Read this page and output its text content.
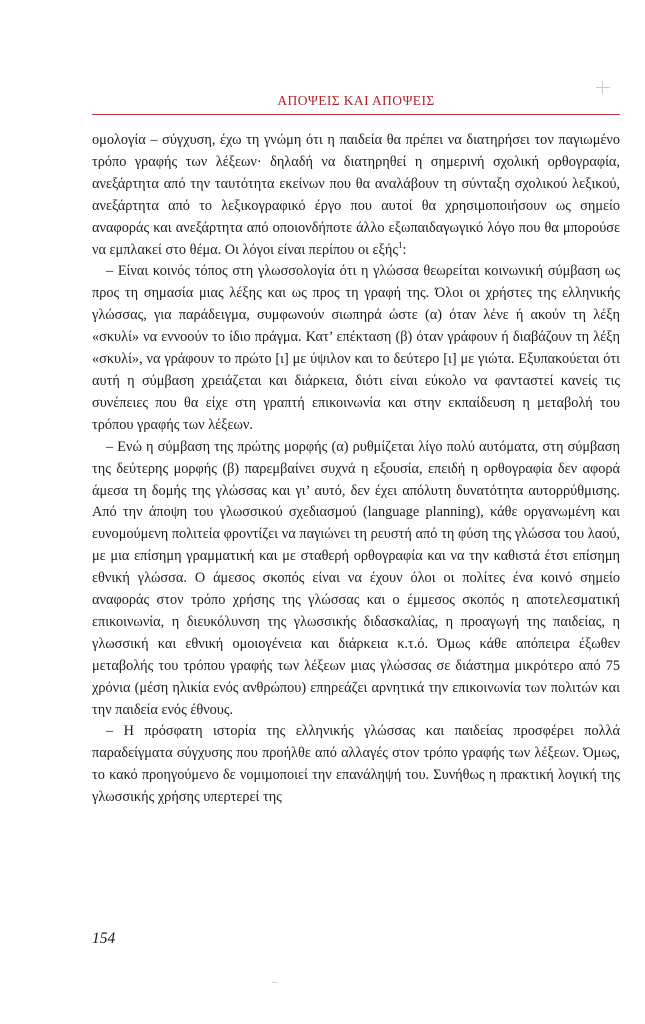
ΑΠΟΨΕΙΣ ΚΑΙ ΑΠΟΨΕΙΣ

ομολογία – σύγχυση, έχω τη γνώμη ότι η παιδεία θα πρέπει να διατηρήσει τον παγιωμένο τρόπο γραφής των λέξεων· δηλαδή να διατηρηθεί η σημερινή σχολική ορθογραφία, ανεξάρτητα από την ταυτότητα εκείνων που θα αναλάβουν τη σύνταξη σχολικού λεξικού, ανεξάρτητα από το λεξικογραφικό έργο που αυτοί θα χρησιμοποιήσουν ως σημείο αναφοράς και ανεξάρτητα από οποιονδήποτε άλλο εξωπαιδαγωγικό λόγο που θα μπορούσε να εμπλακεί στο θέμα. Οι λόγοι είναι περίπου οι εξής$^1$:

– Είναι κοινός τόπος στη γλωσσολογία ότι η γλώσσα θεωρείται κοινωνική σύμβαση ως προς τη σημασία μιας λέξης και ως προς τη γραφή της. Όλοι οι χρήστες της ελληνικής γλώσσας, για παράδειγμα, συμφωνούν σιωπηρά ώστε (α) όταν λένε ή ακούν τη λέξη «σκυλί» να εννοούν το ίδιο πράγμα. Κατ’ επέκταση (β) όταν γράφουν ή διαβάζουν τη λέξη «σκυλί», να γράφουν το πρώτο [ι] με ύψιλον και το δεύτερο [ι] με γιώτα. Εξυπακούεται ότι αυτή η σύμβαση χρειάζεται και διάρκεια, διότι είναι εύκολο να φανταστεί κανείς τις συνέπειες που θα είχε στη γραπτή επικοινωνία και στην εκπαίδευση η μεταβολή του τρόπου γραφής των λέξεων.

– Ενώ η σύμβαση της πρώτης μορφής (α) ρυθμίζεται λίγο πολύ αυτόματα, στη σύμβαση της δεύτερης μορφής (β) παρεμβαίνει συχνά η εξουσία, επειδή η ορθογραφία δεν αφορά άμεσα τη δομής της γλώσσας και γι’ αυτό, δεν έχει απόλυτη δυνατότητα αυτορρύθμισης. Από την άποψη του γλωσσικού σχεδιασμού (language planning), κάθε οργανωμένη και ευνομούμενη πολιτεία φροντίζει να παγιώνει τη ρευστή από τη φύση της γλώσσα του λαού, με μια επίσημη γραμματική και με σταθερή ορθογραφία και να την καθιστά έτσι επίσημη εθνική γλώσσα. Ο άμεσος σκοπός είναι να έχουν όλοι οι πολίτες ένα κοινό σημείο αναφοράς στον τρόπο χρήσης της γλώσσας και ο έμμεσος σκοπός η αποτελεσματική επικοινωνία, η διευκόλυνση της γλωσσικής διδασκαλίας, η προαγωγή της παιδείας, η γλωσσική και εθνική ομοιογένεια και διάρκεια κ.τ.ό. Όμως κάθε απόπειρα έξωθεν μεταβολής του τρόπου γραφής των λέξεων μιας γλώσσας σε διάστημα μικρότερο από 75 χρόνια (μέση ηλικία ενός ανθρώπου) επηρεάζει αρνητικά την επικοινωνία των πολιτών και την παιδεία ενός έθνους.

– Η πρόσφατη ιστορία της ελληνικής γλώσσας και παιδείας προσφέρει πολλά παραδείγματα σύγχυσης που προήλθε από αλλαγές στον τρόπο γραφής των λέξεων. Όμως, το κακό προηγούμενο δε νομιμοποιεί την επανάληψή του. Συνήθως η πρακτική λογική της γλωσσικής χρήσης υπερτερεί της

154
